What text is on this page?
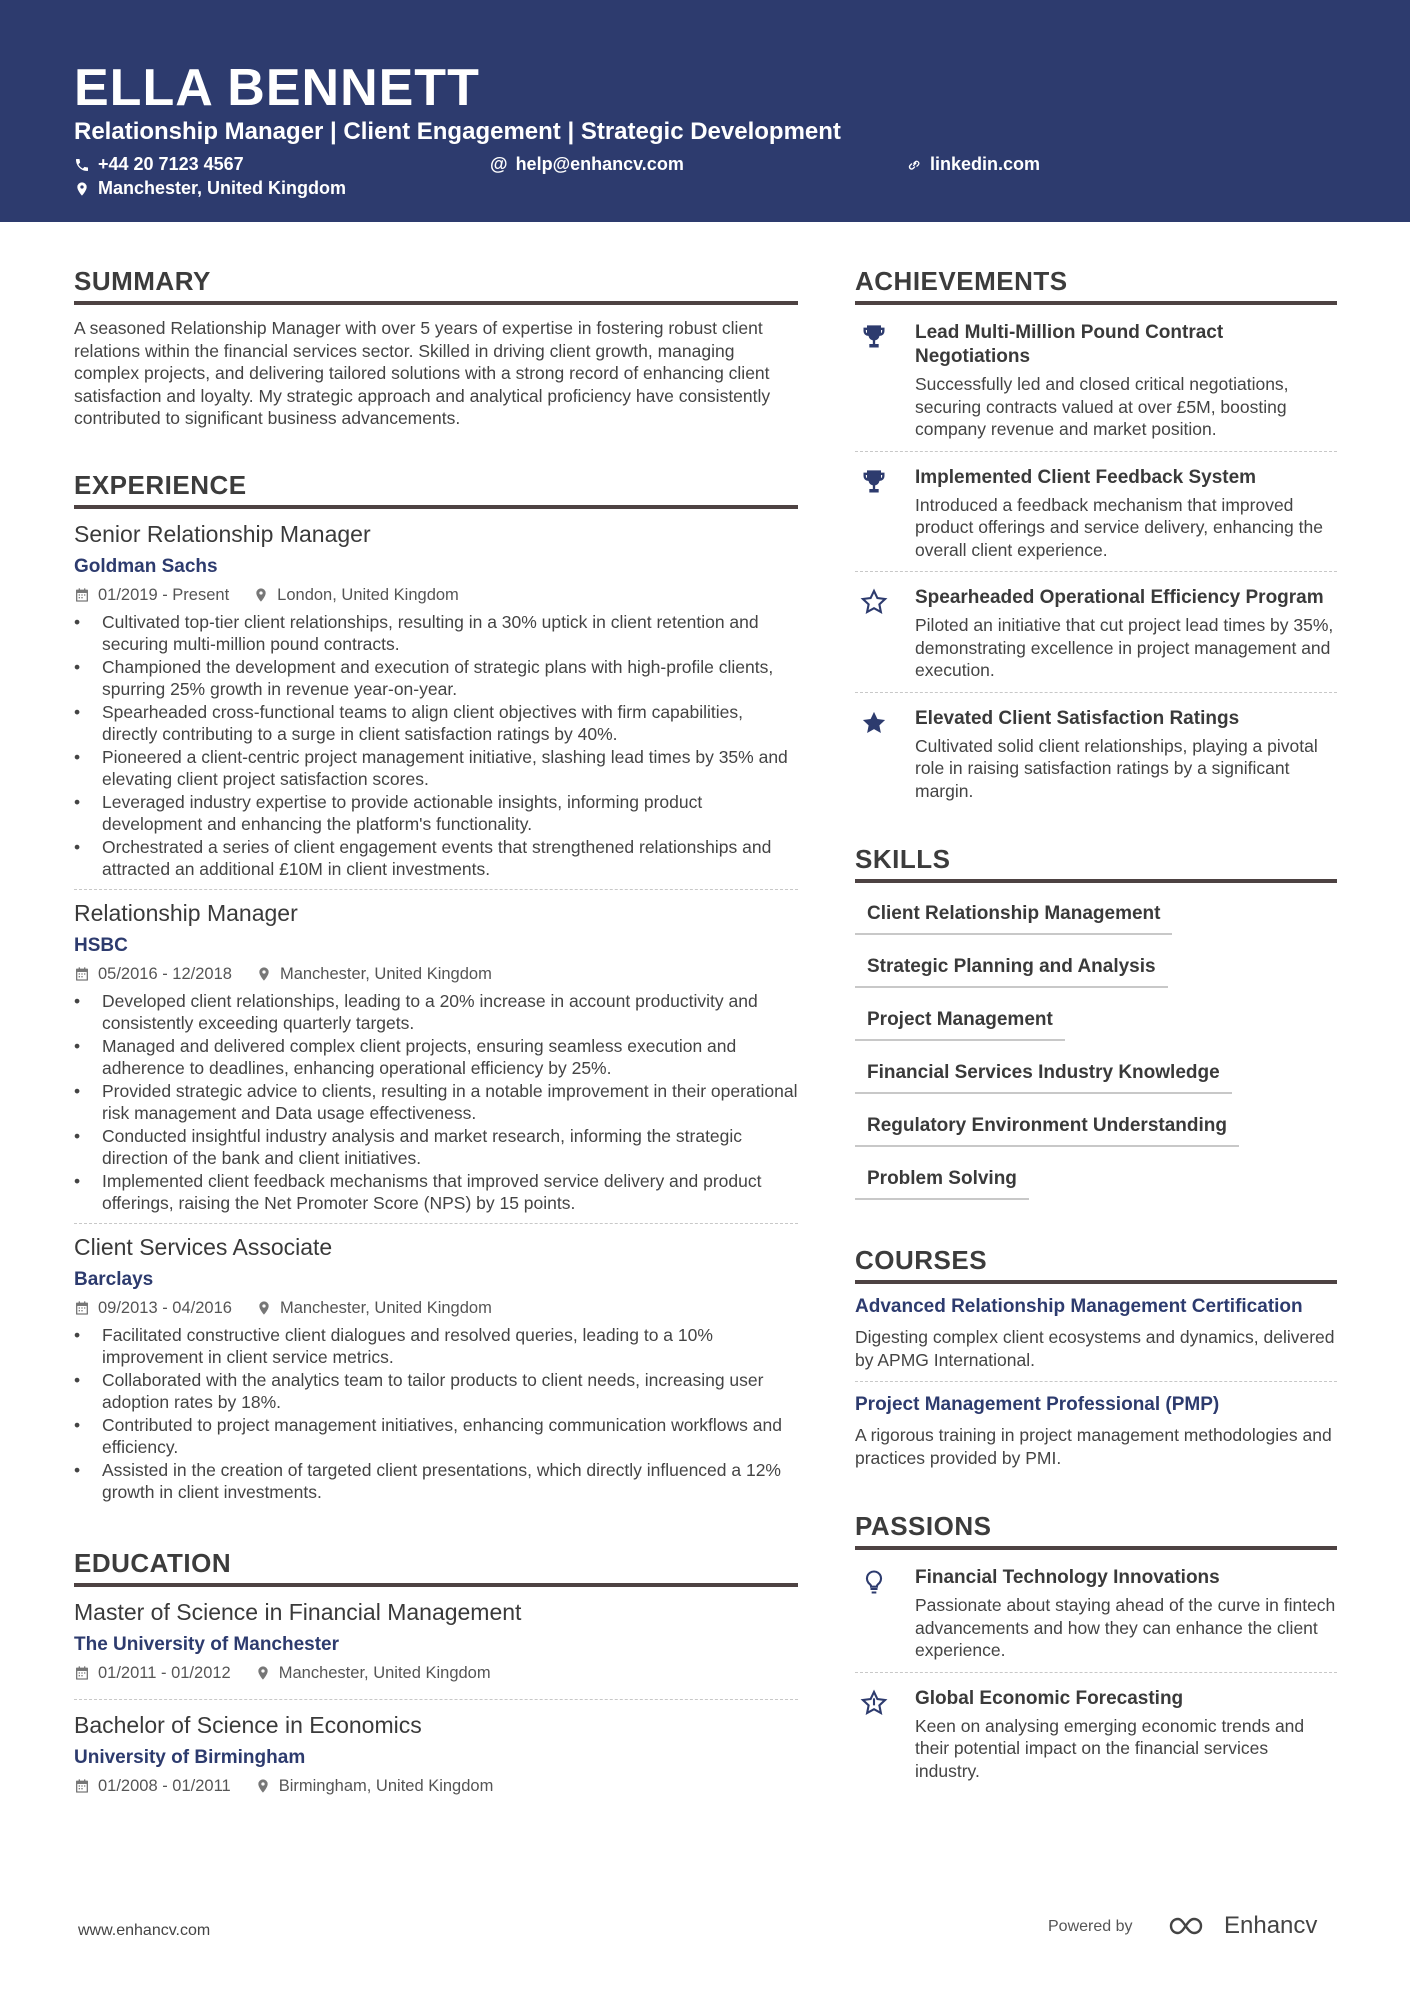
ELLA BENNETT
Relationship Manager | Client Engagement | Strategic Development
+44 20 7123 4567	@ help@enhancv.com	linkedin.com
Manchester, United Kingdom
SUMMARY
A seasoned Relationship Manager with over 5 years of expertise in fostering robust client relations within the financial services sector. Skilled in driving client growth, managing complex projects, and delivering tailored solutions with a strong record of enhancing client satisfaction and loyalty. My strategic approach and analytical proficiency have consistently contributed to significant business advancements.
EXPERIENCE
Senior Relationship Manager
Goldman Sachs
01/2019 - Present	London, United Kingdom
• Cultivated top-tier client relationships, resulting in a 30% uptick in client retention and securing multi-million pound contracts.
• Championed the development and execution of strategic plans with high-profile clients, spurring 25% growth in revenue year-on-year.
• Spearheaded cross-functional teams to align client objectives with firm capabilities, directly contributing to a surge in client satisfaction ratings by 40%.
• Pioneered a client-centric project management initiative, slashing lead times by 35% and elevating client project satisfaction scores.
• Leveraged industry expertise to provide actionable insights, informing product development and enhancing the platform's functionality.
• Orchestrated a series of client engagement events that strengthened relationships and attracted an additional £10M in client investments.
Relationship Manager
HSBC
05/2016 - 12/2018	Manchester, United Kingdom
• Developed client relationships, leading to a 20% increase in account productivity and consistently exceeding quarterly targets.
• Managed and delivered complex client projects, ensuring seamless execution and adherence to deadlines, enhancing operational efficiency by 25%.
• Provided strategic advice to clients, resulting in a notable improvement in their operational risk management and Data usage effectiveness.
• Conducted insightful industry analysis and market research, informing the strategic direction of the bank and client initiatives.
• Implemented client feedback mechanisms that improved service delivery and product offerings, raising the Net Promoter Score (NPS) by 15 points.
Client Services Associate
Barclays
09/2013 - 04/2016	Manchester, United Kingdom
• Facilitated constructive client dialogues and resolved queries, leading to a 10% improvement in client service metrics.
• Collaborated with the analytics team to tailor products to client needs, increasing user adoption rates by 18%.
• Contributed to project management initiatives, enhancing communication workflows and efficiency.
• Assisted in the creation of targeted client presentations, which directly influenced a 12% growth in client investments.
EDUCATION
Master of Science in Financial Management
The University of Manchester
01/2011 - 01/2012	Manchester, United Kingdom
Bachelor of Science in Economics
University of Birmingham
01/2008 - 01/2011	Birmingham, United Kingdom
ACHIEVEMENTS
Lead Multi-Million Pound Contract Negotiations
Successfully led and closed critical negotiations, securing contracts valued at over £5M, boosting company revenue and market position.
Implemented Client Feedback System
Introduced a feedback mechanism that improved product offerings and service delivery, enhancing the overall client experience.
Spearheaded Operational Efficiency Program
Piloted an initiative that cut project lead times by 35%, demonstrating excellence in project management and execution.
Elevated Client Satisfaction Ratings
Cultivated solid client relationships, playing a pivotal role in raising satisfaction ratings by a significant margin.
SKILLS
Client Relationship Management
Strategic Planning and Analysis
Project Management
Financial Services Industry Knowledge
Regulatory Environment Understanding
Problem Solving
COURSES
Advanced Relationship Management Certification
Digesting complex client ecosystems and dynamics, delivered by APMG International.
Project Management Professional (PMP)
A rigorous training in project management methodologies and practices provided by PMI.
PASSIONS
Financial Technology Innovations
Passionate about staying ahead of the curve in fintech advancements and how they can enhance the client experience.
Global Economic Forecasting
Keen on analysing emerging economic trends and their potential impact on the financial services industry.
www.enhancv.com	Powered by	Enhancv
